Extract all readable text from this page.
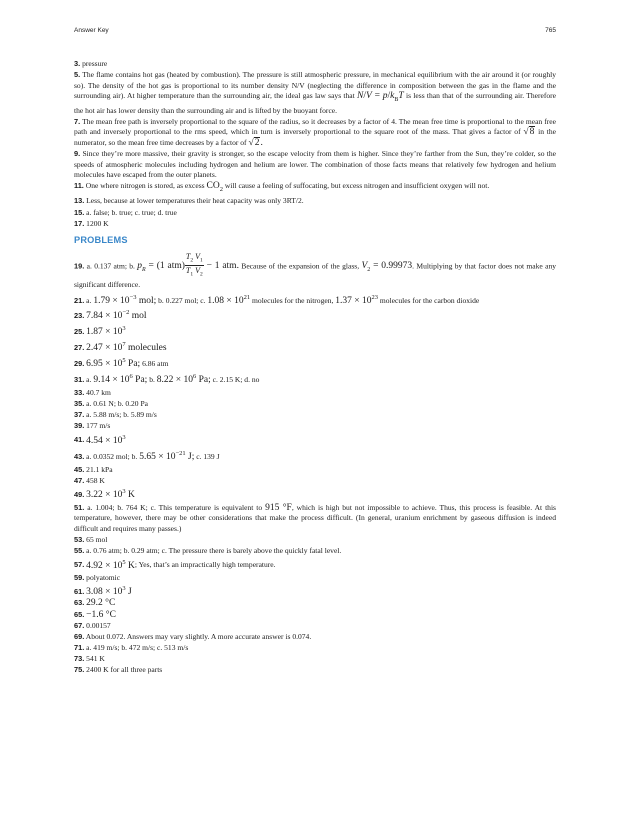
Answer Key	765
3. pressure
5. The flame contains hot gas (heated by combustion). The pressure is still atmospheric pressure, in mechanical equilibrium with the air around it (or roughly so). The density of the hot gas is proportional to its number density N/V (neglecting the difference in composition between the gas in the flame and the surrounding air). At higher temperature than the surrounding air, the ideal gas law says that $N/V = p/k_BT$ is less than that of the surrounding air. Therefore the hot air has lower density than the surrounding air and is lifted by the buoyant force.
7. The mean free path is inversely proportional to the square of the radius, so it decreases by a factor of 4. The mean free time is proportional to the mean free path and inversely proportional to the rms speed, which in turn is inversely proportional to the square root of the mass. That gives a factor of √8 in the numerator, so the mean free time decreases by a factor of √2.
9. Since they’re more massive, their gravity is stronger, so the escape velocity from them is higher. Since they’re farther from the Sun, they’re colder, so the speeds of atmospheric molecules including hydrogen and helium are lower. The combination of those facts means that relatively few hydrogen and helium molecules have escaped from the outer planets.
11. One where nitrogen is stored, as excess $CO_2$ will cause a feeling of suffocating, but excess nitrogen and insufficient oxygen will not.
13. Less, because at lower temperatures their heat capacity was only 3RT/2.
15. a. false; b. true; c. true; d. true
17. 1200 K
PROBLEMS
19. a. 0.137 atm; b. $p_R = (1$ $atm) \frac{T_2 V_1}{T_1 V_2} - 1$ atm. Because of the expansion of the glass, $V_2 = 0.99973$. Multiplying by that factor does not make any significant difference.
21. a. $1.79 \times 10^{-3}$ mol; b. 0.227 mol; c. $1.08 \times 10^{21}$ molecules for the nitrogen, $1.37 \times 10^{23}$ molecules for the carbon dioxide
23. $7.84 \times 10^{-2}$ mol
25. $1.87 \times 10^3$
27. $2.47 \times 10^7$ molecules
29. $6.95 \times 10^5$ Pa; 6.86 atm
31. a. $9.14 \times 10^6$ Pa; b. $8.22 \times 10^6$ Pa; c. 2.15 K; d. no
33. 40.7 km
35. a. 0.61 N; b. 0.20 Pa
37. a. 5.88 m/s; b. 5.89 m/s
39. 177 m/s
41. $4.54 \times 10^3$
43. a. 0.0352 mol; b. $5.65 \times 10^{-21}$ J; c. 139 J
45. 21.1 kPa
47. 458 K
49. $3.22 \times 10^3$ K
51. a. 1.004; b. 764 K; c. This temperature is equivalent to 915 °F, which is high but not impossible to achieve. Thus, this process is feasible. At this temperature, however, there may be other considerations that make the process difficult. (In general, uranium enrichment by gaseous diffusion is indeed difficult and requires many passes.)
53. 65 mol
55. a. 0.76 atm; b. 0.29 atm; c. The pressure there is barely above the quickly fatal level.
57. $4.92 \times 10^5$ K; Yes, that’s an impractically high temperature.
59. polyatomic
61. $3.08 \times 10^3$ J
63. 29.2 °C
65. −1.6 °C
67. 0.00157
69. About 0.072. Answers may vary slightly. A more accurate answer is 0.074.
71. a. 419 m/s; b. 472 m/s; c. 513 m/s
73. 541 K
75. 2400 K for all three parts
